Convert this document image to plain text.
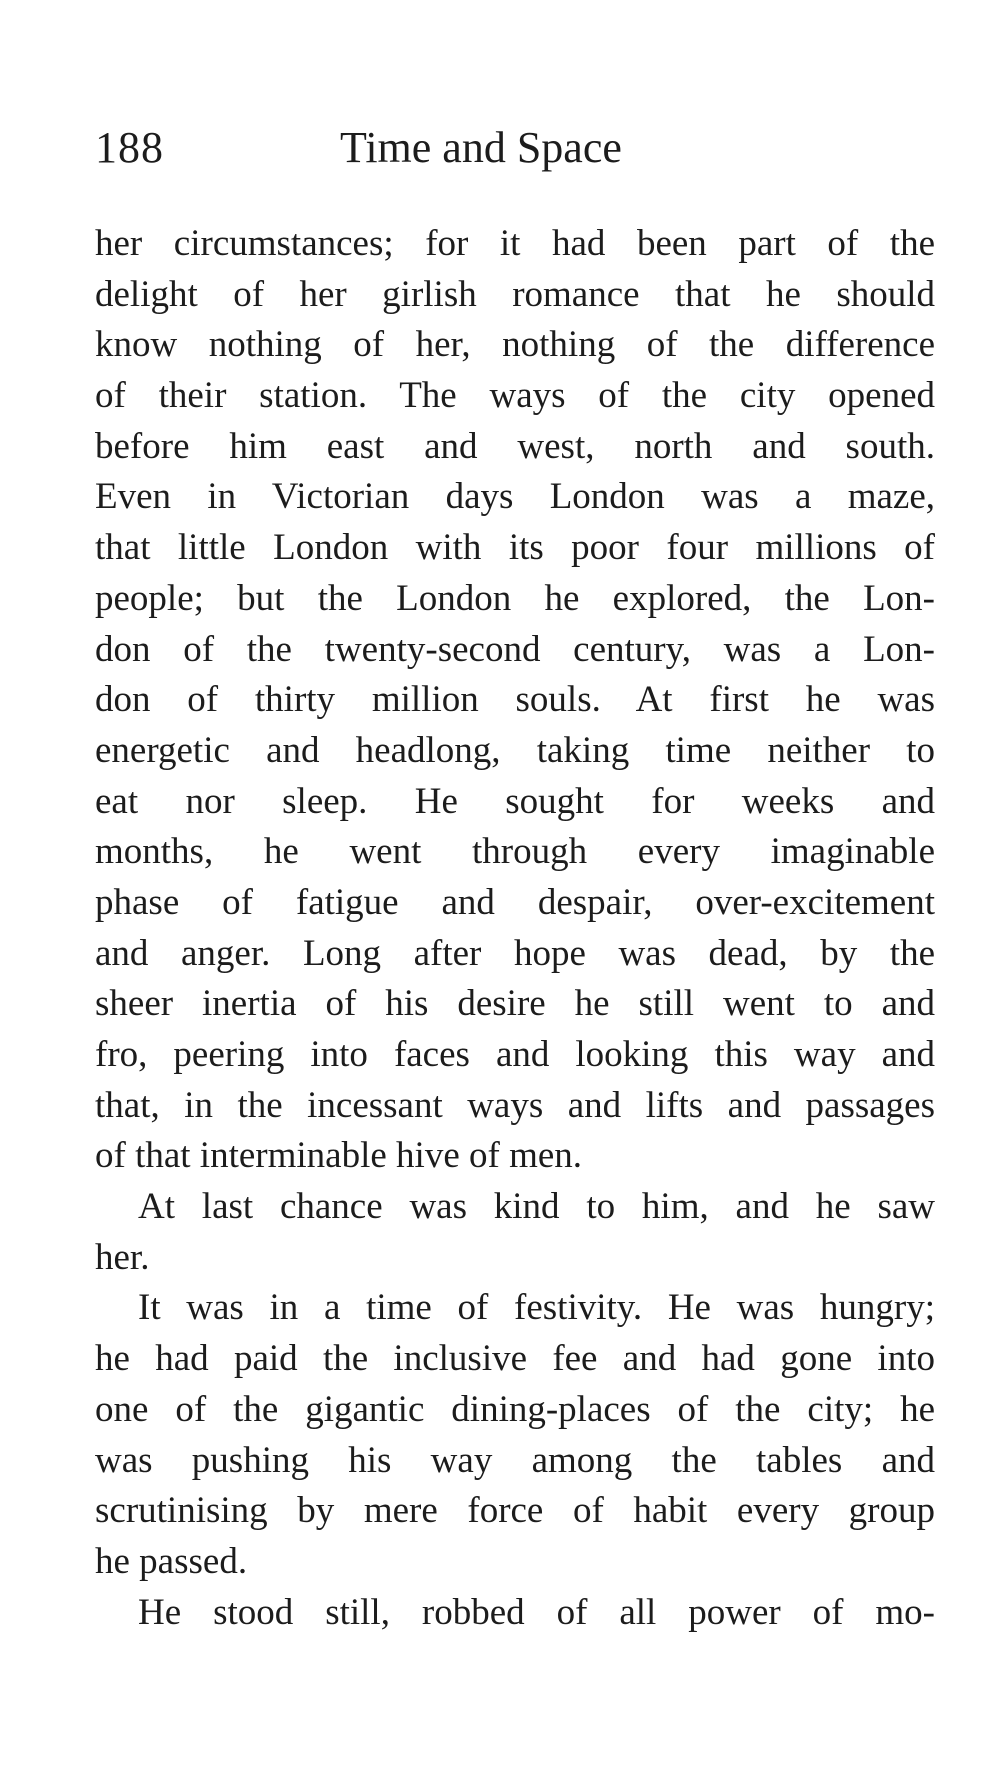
188	Time and Space
her circumstances; for it had been part of the
delight of her girlish romance that he should
know nothing of her, nothing of the difference
of their station. The ways of the city opened
before him east and west, north and south.
Even in Victorian days London was a maze,
that little London with its poor four millions of
people; but the London he explored, the Lon-
don of the twenty-second century, was a Lon-
don of thirty million souls. At first he was
energetic and headlong, taking time neither to
eat nor sleep. He sought for weeks and
months, he went through every imaginable
phase of fatigue and despair, over-excitement
and anger. Long after hope was dead, by the
sheer inertia of his desire he still went to and
fro, peering into faces and looking this way and
that, in the incessant ways and lifts and passages
of that interminable hive of men.
At last chance was kind to him, and he saw
her.
It was in a time of festivity. He was hungry;
he had paid the inclusive fee and had gone into
one of the gigantic dining-places of the city; he
was pushing his way among the tables and
scrutinising by mere force of habit every group
he passed.
He stood still, robbed of all power of mo-
